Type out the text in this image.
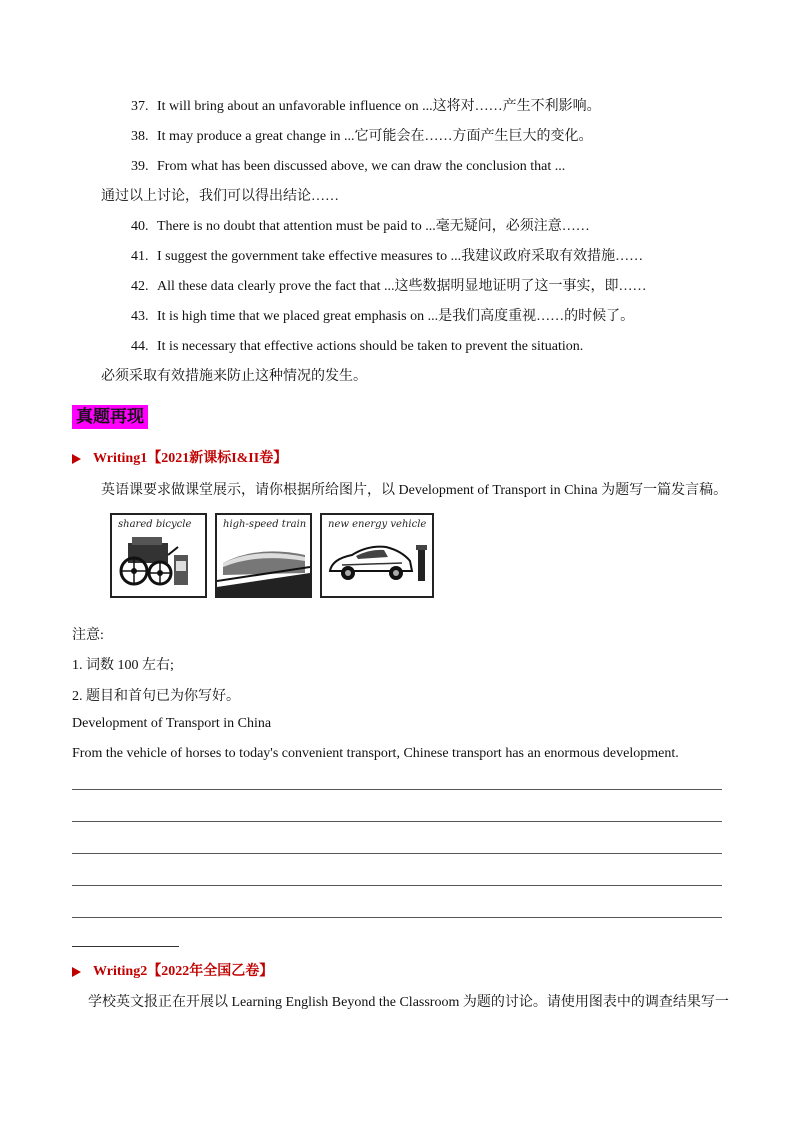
37. It will bring about an unfavorable influence on ...这将对……产生不利影响。
38. It may produce a great change in ...它可能会在……方面产生巨大的变化。
39. From what has been discussed above, we can draw the conclusion that ...
通过以上讨论，我们可以得出结论……
40. There is no doubt that attention must be paid to ...毫无疑问，必须注意……
41. I suggest the government take effective measures to ...我建议政府采取有效措施……
42. All these data clearly prove the fact that ...这些数据明显地证明了这一事实，即……
43. It is high time that we placed great emphasis on ...是我们高度重视……的时候了。
44. It is necessary that effective actions should be taken to prevent the situation.
必须采取有效措施来防止这种情况的发生。
真题再现
Writing1【2021新课标I&II卷】
英语课要求做课堂展示，请你根据所给图片，以 Development of Transport in China 为题写一篇发言稿。
shared bicycle	high-speed train new energy vehicle
注意:
1. 词数 100 左右;
2. 题目和首句已为你写好。
Development of Transport in China
From the vehicle of horses to today's convenient transport, Chinese transport has an enormous development.
Writing2【2022年全国乙卷】
学校英文报正在开展以 Learning English Beyond the Classroom 为题的讨论。请使用图表中的调查结果写一
